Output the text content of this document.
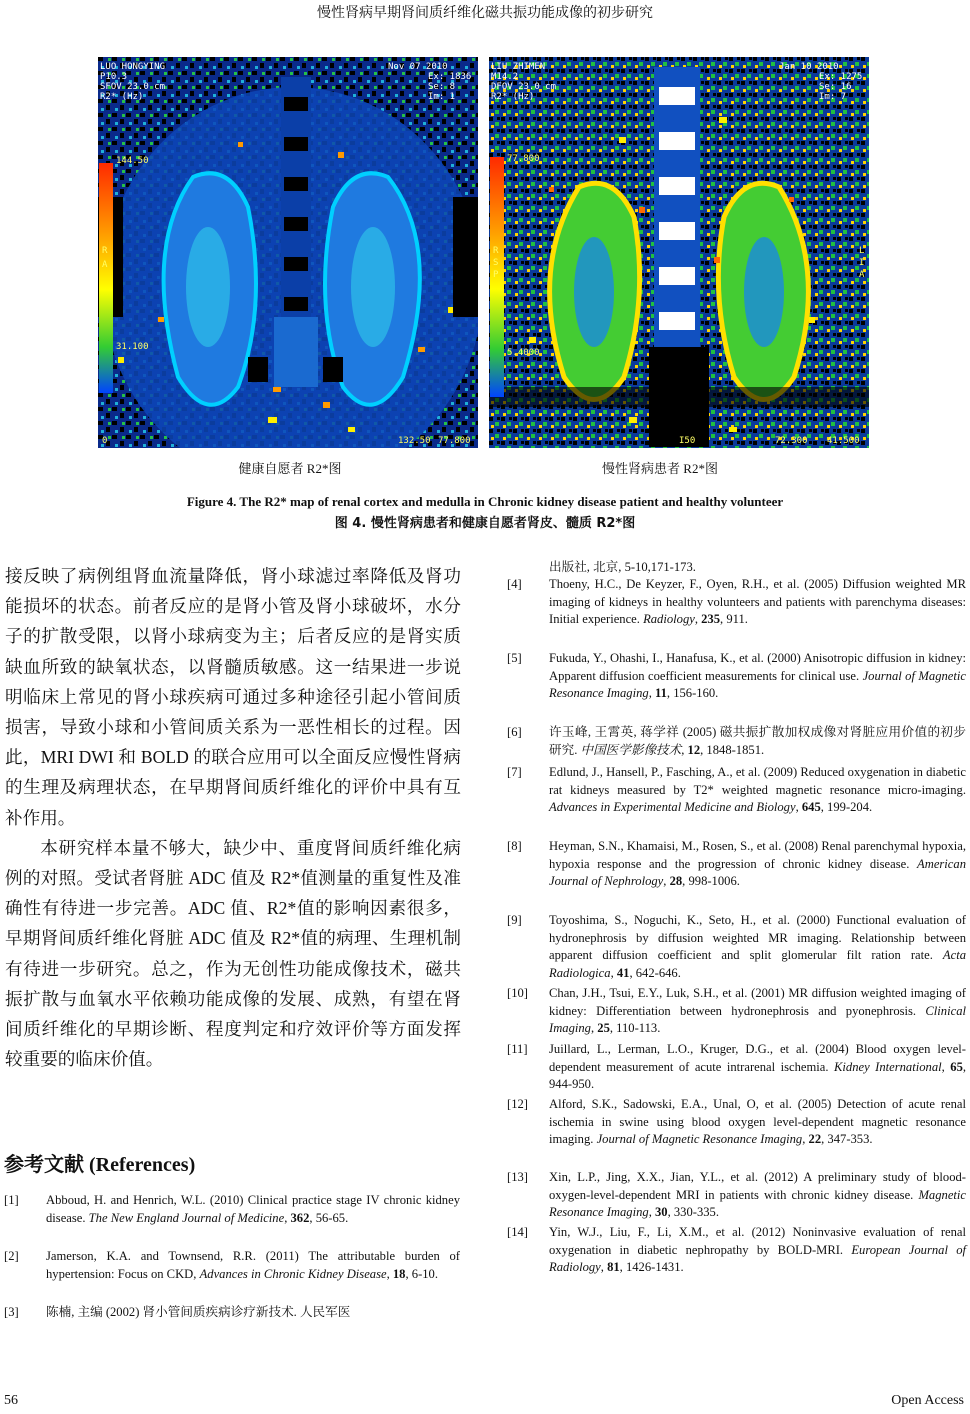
慢性肾病早期肾间质纤维化磁共振功能成像的初步研究
LUO HONGYING
P10.3
SFOV 23.0 cm
R2* (Hz)
Nov 07 2010
Ex: 1836
Se: 8
Im: 1
144.50
R
A
31.100
0	132.50 77.800
LIU ZHIMEN
M14.2
DFOV 23.0 cm
R2* (Hz)
Jan 10 2010
Ex: 1275
Se: 16
Im: 7
77.800
R
S
P
L
I
A
5.4000
I50	72.300 41.500
健康自愿者 R2*图	慢性肾病患者 R2*图
Figure 4. The R2* map of renal cortex and medulla in Chronic kidney disease patient and healthy volunteer
图 4. 慢性肾病患者和健康自愿者肾皮、髓质 R2*图

接反映了病例组肾血流量降低，肾小球滤过率降低及肾功能损坏的状态。前者反应的是肾小管及肾小球破坏，水分子的扩散受限，以肾小球病变为主；后者反应的是肾实质缺血所致的缺氧状态，以肾髓质敏感。这一结果进一步说明临床上常见的肾小球疾病可通过多种途径引起小管间质损害，导致小球和小管间质关系为一恶性相长的过程。因此，MRI DWI 和 BOLD 的联合应用可以全面反应慢性肾病的生理及病理状态，在早期肾间质纤维化的评价中具有互补作用。

本研究样本量不够大，缺少中、重度肾间质纤维化病例的对照。受试者肾脏 ADC 值及 R2*值测量的重复性及准确性有待进一步完善。ADC 值、R2*值的影响因素很多，早期肾间质纤维化肾脏 ADC 值及 R2*值的病理、生理机制有待进一步研究。总之，作为无创性功能成像技术，磁共振扩散与血氧水平依赖功能成像的发展、成熟，有望在肾间质纤维化的早期诊断、程度判定和疗效评价等方面发挥较重要的临床价值。

参考文献 (References)
[1] Abboud, H. and Henrich, W.L. (2010) Clinical practice stage IV chronic kidney disease. The New England Journal of Medicine, 362, 56-65.
[2] Jamerson, K.A. and Townsend, R.R. (2011) The attributable burden of hypertension: Focus on CKD, Advances in Chronic Kidney Disease, 18, 6-10.
[3] 陈楠, 主编 (2002) 肾小管间质疾病诊疗新技术. 人民军医
出版社, 北京, 5-10,171-173.
[4] Thoeny, H.C., De Keyzer, F., Oyen, R.H., et al. (2005) Diffusion weighted MR imaging of kidneys in healthy volunteers and patients with parenchyma diseases: Initial experience. Radiology, 235, 911.
[5] Fukuda, Y., Ohashi, I., Hanafusa, K., et al. (2000) Anisotropic diffusion in kidney: Apparent diffusion coefficient measurements for clinical use. Journal of Magnetic Resonance Imaging, 11, 156-160.
[6] 许玉峰, 王霄英, 蒋学祥 (2005) 磁共振扩散加权成像对肾脏应用价值的初步研究. 中国医学影像技术, 12, 1848-1851.
[7] Edlund, J., Hansell, P., Fasching, A., et al. (2009) Reduced oxygenation in diabetic rat kidneys measured by T2* weighted magnetic resonance micro-imaging. Advances in Experimental Medicine and Biology, 645, 199-204.
[8] Heyman, S.N., Khamaisi, M., Rosen, S., et al. (2008) Renal parenchymal hypoxia, hypoxia response and the progression of chronic kidney disease. American Journal of Nephrology, 28, 998-1006.
[9] Toyoshima, S., Noguchi, K., Seto, H., et al. (2000) Functional evaluation of hydronephrosis by diffusion weighted MR imaging. Relationship between apparent diffusion coefficient and split glomerular filt ration rate. Acta Radiologica, 41, 642-646.
[10] Chan, J.H., Tsui, E.Y., Luk, S.H., et al. (2001) MR diffusion weighted imaging of kidney: Differentiation between hydronephrosis and pyonephrosis. Clinical Imaging, 25, 110-113.
[11] Juillard, L., Lerman, L.O., Kruger, D.G., et al. (2004) Blood oxygen level-dependent measurement of acute intrarenal ischemia. Kidney International, 65, 944-950.
[12] Alford, S.K., Sadowski, E.A., Unal, O, et al. (2005) Detection of acute renal ischemia in swine using blood oxygen level-dependent magnetic resonance imaging. Journal of Magnetic Resonance Imaging, 22, 347-353.
[13] Xin, L.P., Jing, X.X., Jian, Y.L., et al. (2012) A preliminary study of blood-oxygen-level-dependent MRI in patients with chronic kidney disease. Magnetic Resonance Imaging, 30, 330-335.
[14] Yin, W.J., Liu, F., Li, X.M., et al. (2012) Noninvasive evaluation of renal oxygenation in diabetic nephropathy by BOLD-MRI. European Journal of Radiology, 81, 1426-1431.
56	Open Access
